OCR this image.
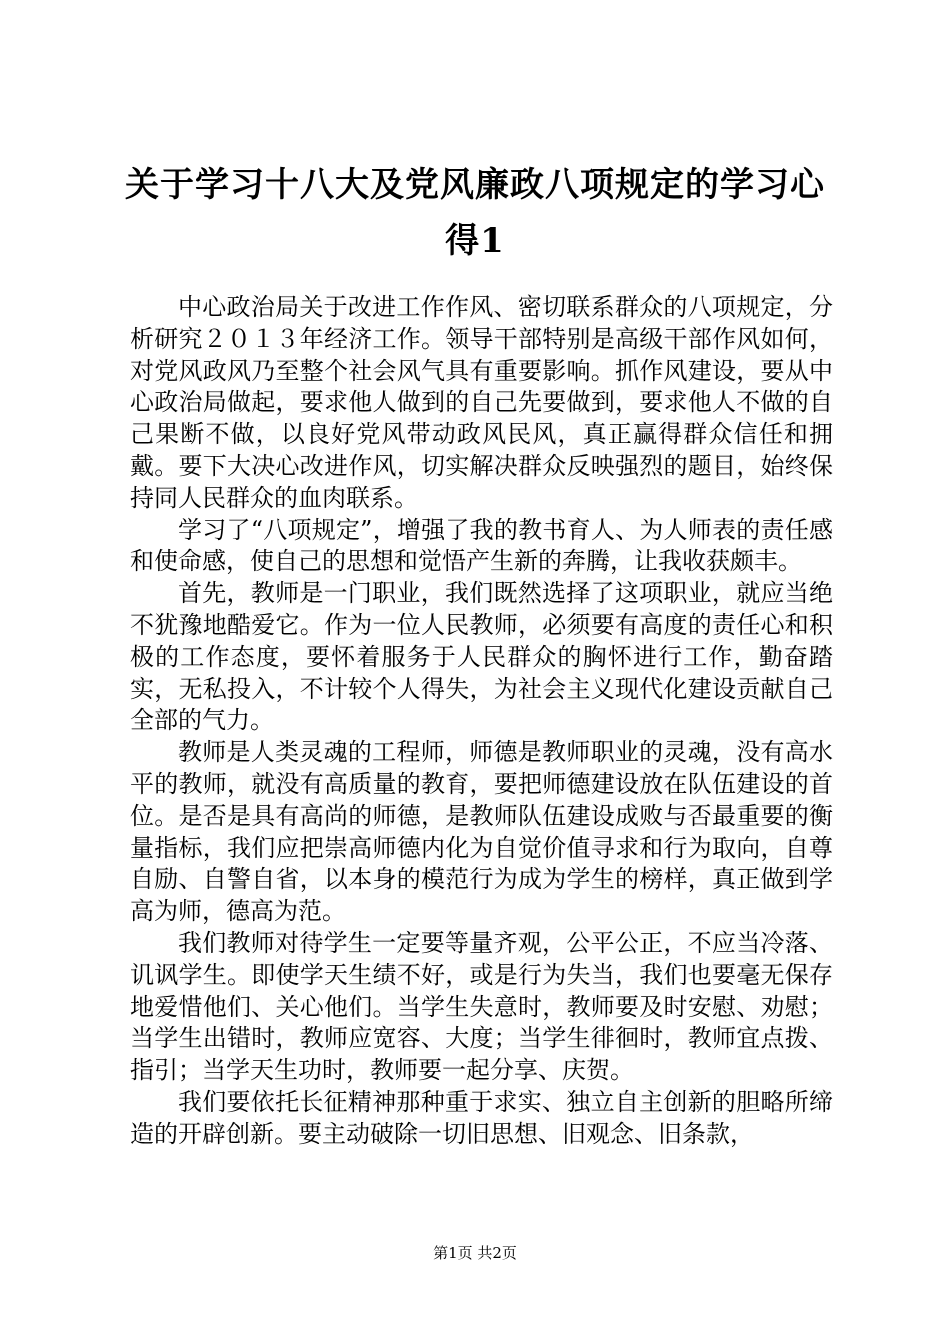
关于学习十八大及党风廉政八项规定的学习心得1

中心政治局关于改进工作作风、密切联系群众的八项规定，分析研究２０１３年经济工作。领导干部特别是高级干部作风如何，对党风政风乃至整个社会风气具有重要影响。抓作风建设，要从中心政治局做起，要求他人做到的自己先要做到，要求他人不做的自己果断不做，以良好党风带动政风民风，真正赢得群众信任和拥戴。要下大决心改进作风，切实解决群众反映强烈的题目，始终保持同人民群众的血肉联系。

学习了“八项规定”，增强了我的教书育人、为人师表的责任感和使命感，使自己的思想和觉悟产生新的奔腾，让我收获颇丰。

首先，教师是一门职业，我们既然选择了这项职业，就应当绝不犹豫地酷爱它。作为一位人民教师，必须要有高度的责任心和积极的工作态度，要怀着服务于人民群众的胸怀进行工作，勤奋踏实，无私投入，不计较个人得失，为社会主义现代化建设贡献自己全部的气力。

教师是人类灵魂的工程师，师德是教师职业的灵魂，没有高水平的教师，就没有高质量的教育，要把师德建设放在队伍建设的首位。是否是具有高尚的师德，是教师队伍建设成败与否最重要的衡量指标，我们应把崇高师德内化为自觉价值寻求和行为取向，自尊自励、自警自省，以本身的模范行为成为学生的榜样，真正做到学高为师，德高为范。

我们教师对待学生一定要等量齐观，公平公正，不应当冷落、讥讽学生。即使学天生绩不好，或是行为失当，我们也要毫无保存地爱惜他们、关心他们。当学生失意时，教师要及时安慰、劝慰；当学生出错时，教师应宽容、大度；当学生徘徊时，教师宜点拨、指引；当学天生功时，教师要一起分享、庆贺。

我们要依托长征精神那种重于求实、独立自主创新的胆略所缔造的开辟创新。要主动破除一切旧思想、旧观念、旧条款，

第1页 共2页
